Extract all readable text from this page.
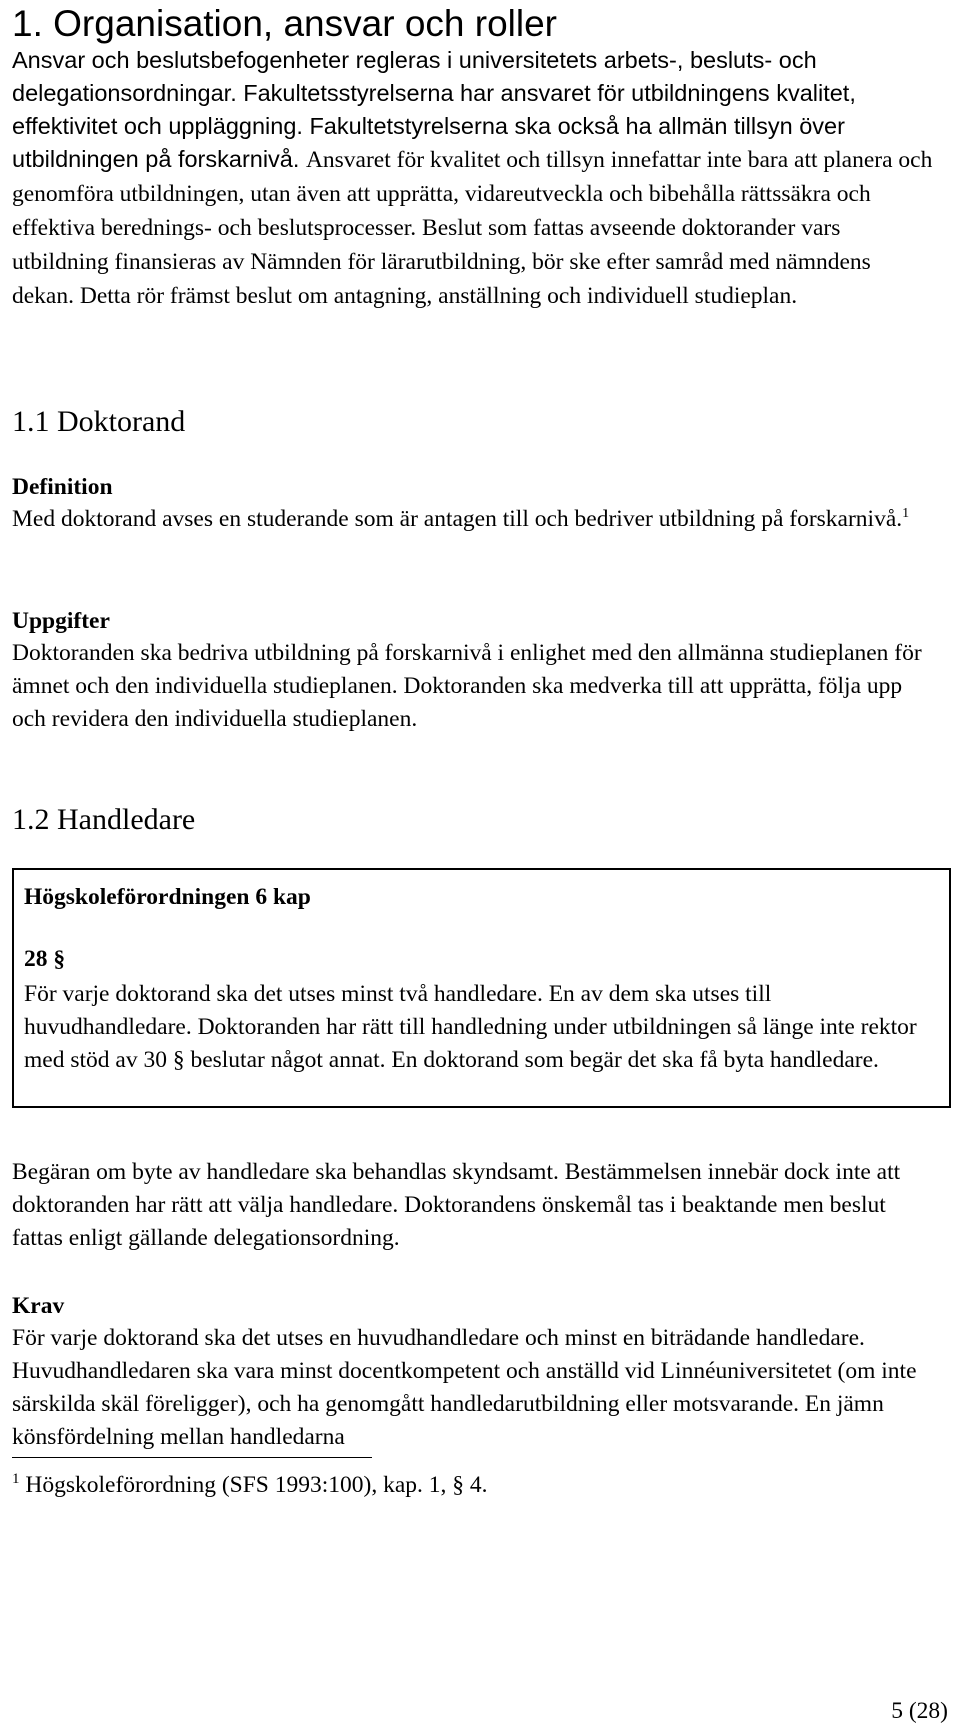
1. Organisation, ansvar och roller

Ansvar och beslutsbefogenheter regleras i universitetets arbets-, besluts- och delegationsordningar. Fakultetsstyrelserna har ansvaret för utbildningens kvalitet, effektivitet och uppläggning. Fakultetstyrelserna ska också ha allmän tillsyn över utbildningen på forskarnivå. Ansvaret för kvalitet och tillsyn innefattar inte bara att planera och genomföra utbildningen, utan även att upprätta, vidareutveckla och bibehålla rättssäkra och effektiva berednings- och beslutsprocesser. Beslut som fattas avseende doktorander vars utbildning finansieras av Nämnden för lärarutbildning, bör ske efter samråd med nämndens dekan. Detta rör främst beslut om antagning, anställning och individuell studieplan.

1.1 Doktorand
Definition

Med doktorand avses en studerande som är antagen till och bedriver utbildning på forskarnivå.$^1$

Uppgifter

Doktoranden ska bedriva utbildning på forskarnivå i enlighet med den allmänna studieplanen för ämnet och den individuella studieplanen. Doktoranden ska medverka till att upprätta, följa upp och revidera den individuella studieplanen.

1.2 Handledare
Högskoleförordningen 6 kap
28 §

För varje doktorand ska det utses minst två handledare. En av dem ska utses till huvudhandledare. Doktoranden har rätt till handledning under utbildningen så länge inte rektor med stöd av 30 § beslutar något annat. En doktorand som begär det ska få byta handledare.

Begäran om byte av handledare ska behandlas skyndsamt. Bestämmelsen innebär dock inte att doktoranden har rätt att välja handledare. Doktorandens önskemål tas i beaktande men beslut fattas enligt gällande delegationsordning.

Krav

För varje doktorand ska det utses en huvudhandledare och minst en biträdande handledare. Huvudhandledaren ska vara minst docentkompetent och anställd vid Linnéuniversitetet (om inte särskilda skäl föreligger), och ha genomgått handledarutbildning eller motsvarande. En jämn könsfördelning mellan handledarna

$^1$ Högskoleförordning (SFS 1993:100), kap. 1, § 4.
5 (28)
